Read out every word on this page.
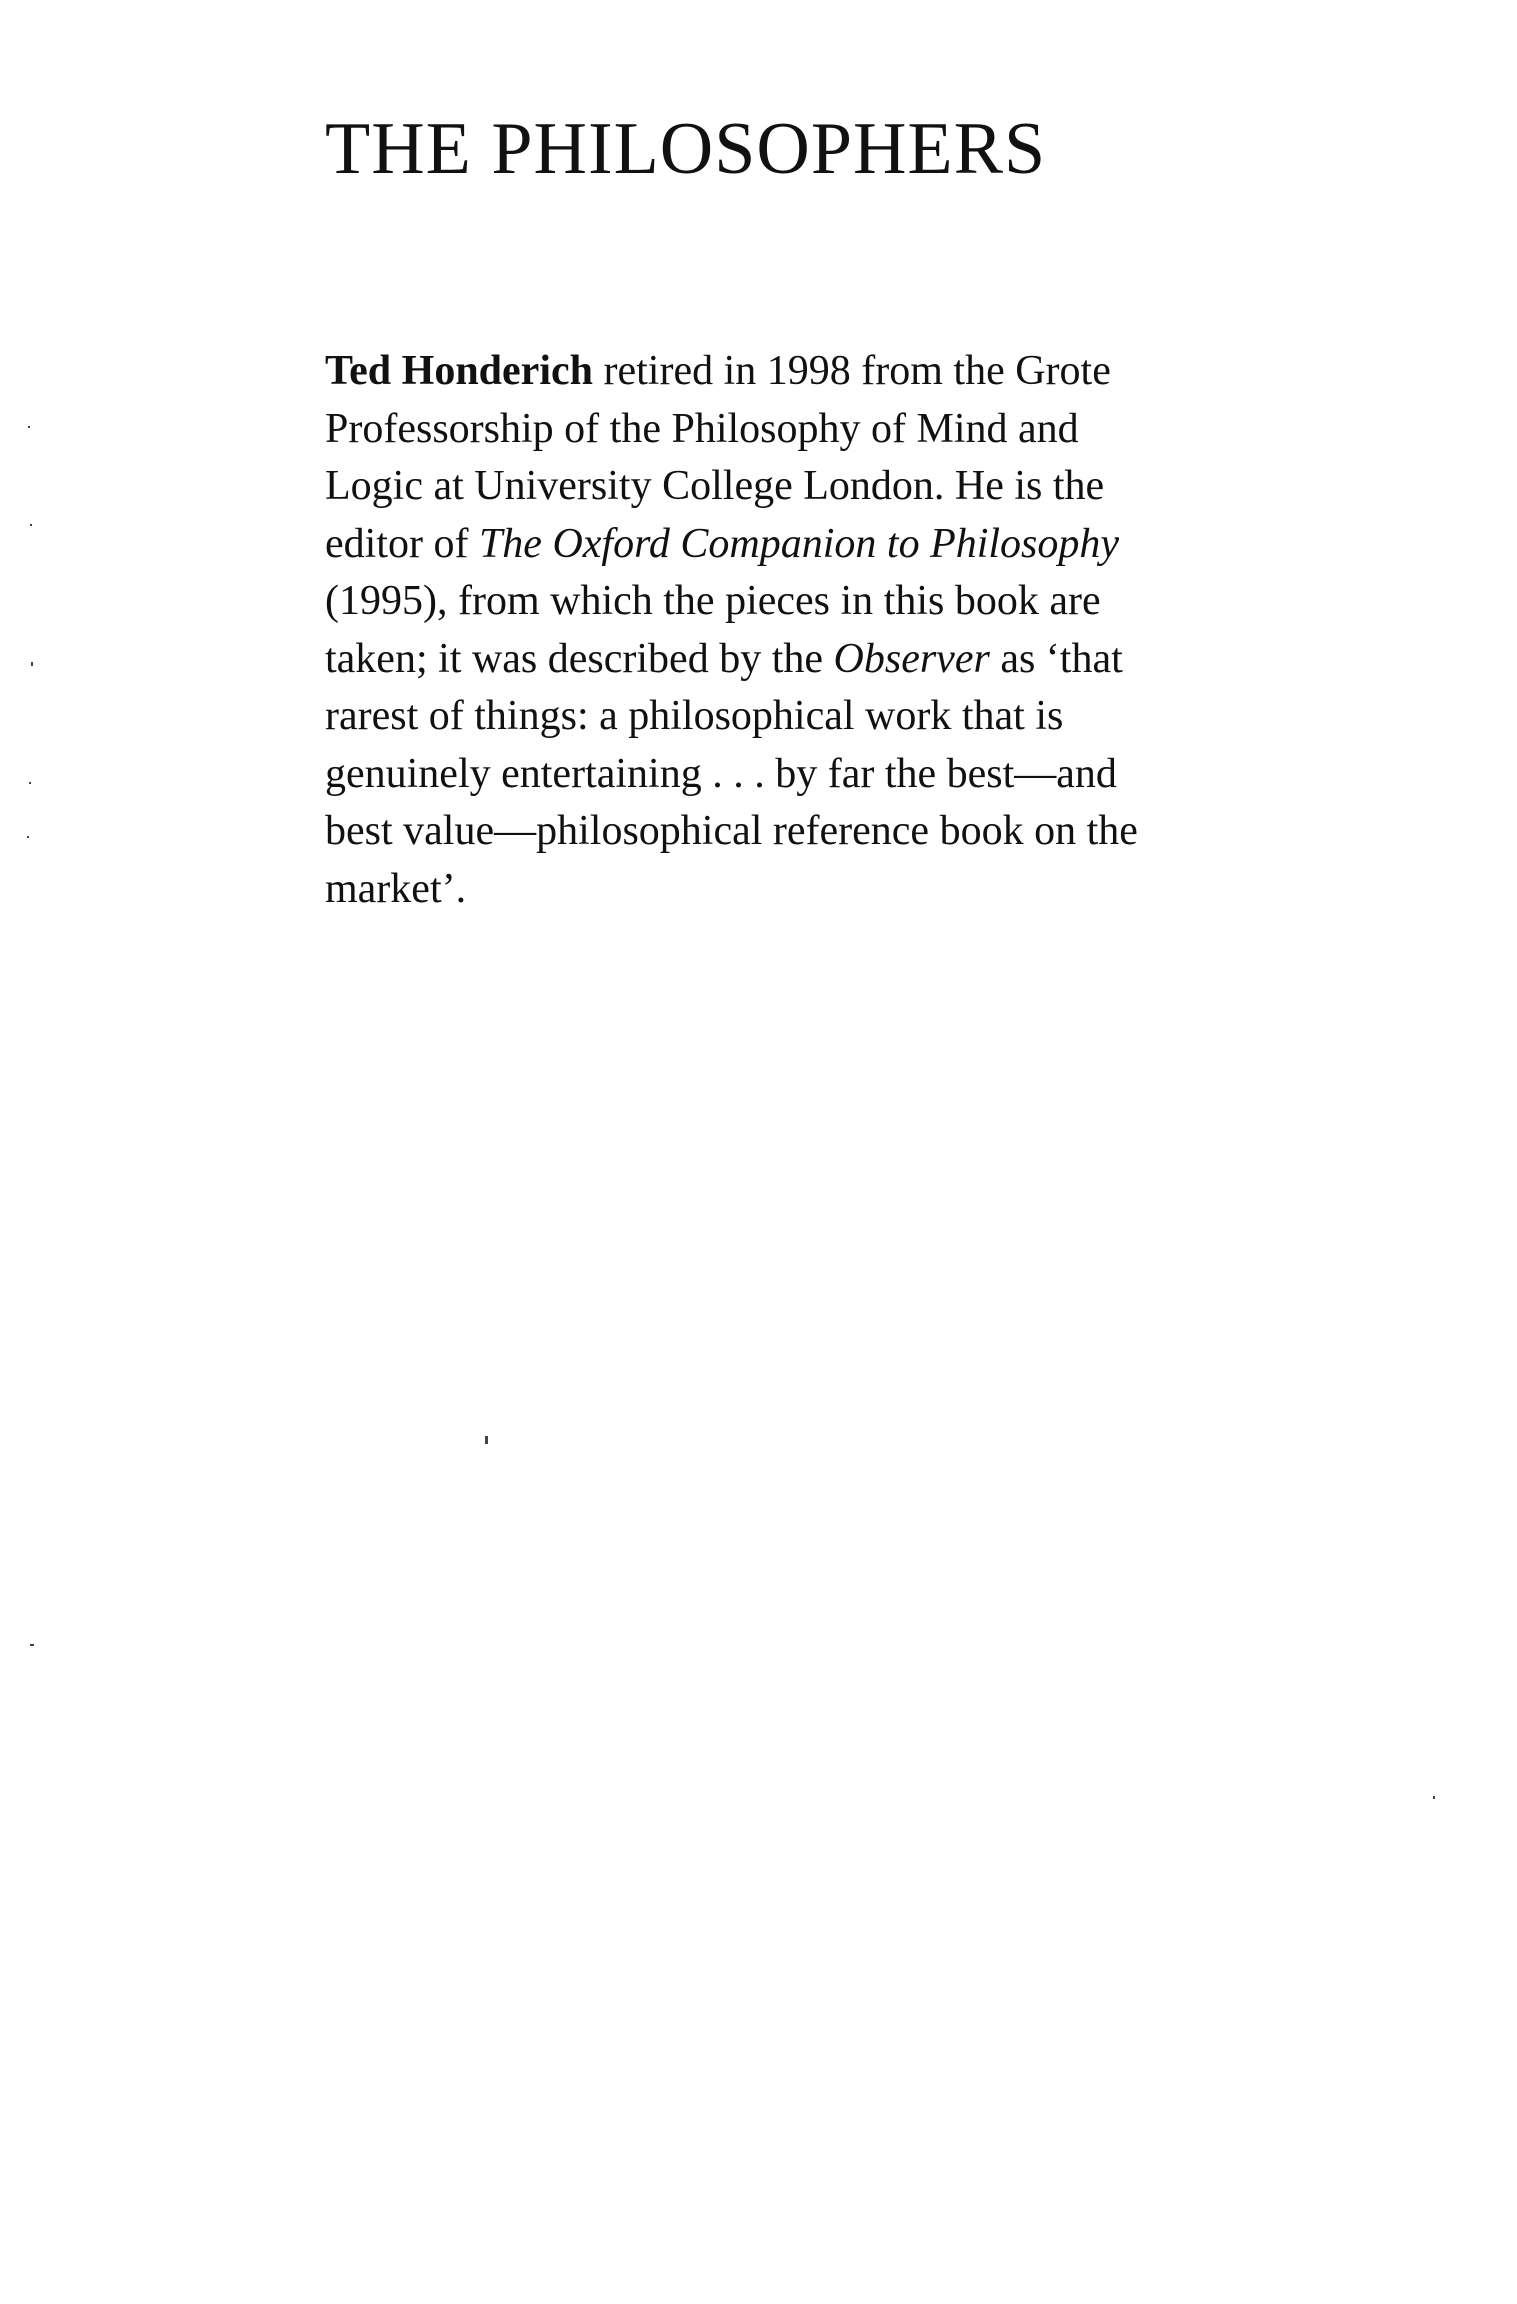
THE PHILOSOPHERS

Ted Honderich retired in 1998 from the Grote Professorship of the Philosophy of Mind and Logic at University College London. He is the editor of The Oxford Companion to Philosophy (1995), from which the pieces in this book are taken; it was described by the Observer as ‘that rarest of things: a philosophical work that is genuinely entertaining . . . by far the best—and best value—philosophical reference book on the market’.
